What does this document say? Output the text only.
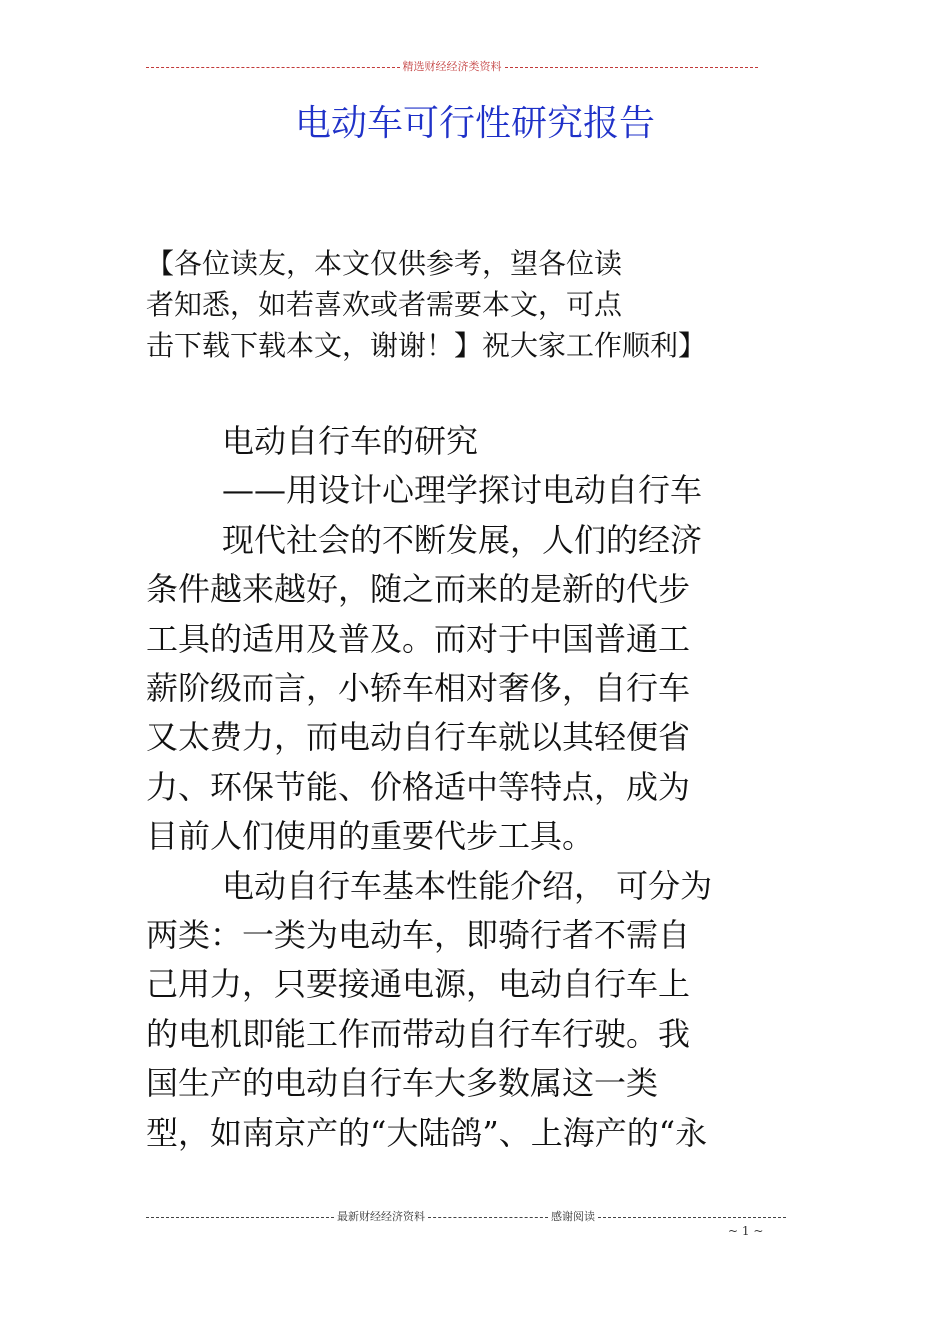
精选财经经济类资料
电动车可行性研究报告
【各位读友，本文仅供参考，望各位读
者知悉，如若喜欢或者需要本文，可点
击下载下载本文，谢谢！】祝大家工作顺利】
电动自行车的研究
——用设计心理学探讨电动自行车
现代社会的不断发展，人们的经济
条件越来越好，随之而来的是新的代步
工具的适用及普及。而对于中国普通工
薪阶级而言，小轿车相对奢侈，自行车
又太费力，而电动自行车就以其轻便省
力、环保节能、价格适中等特点，成为
目前人们使用的重要代步工具。
电动自行车基本性能介绍， 可分为
两类：一类为电动车，即骑行者不需自
己用力，只要接通电源，电动自行车上
的电机即能工作而带动自行车行驶。我
国生产的电动自行车大多数属这一类
型，如南京产的“大陆鸽”、上海产的“永
最新财经经济资料	感谢阅读
~ 1 ~
